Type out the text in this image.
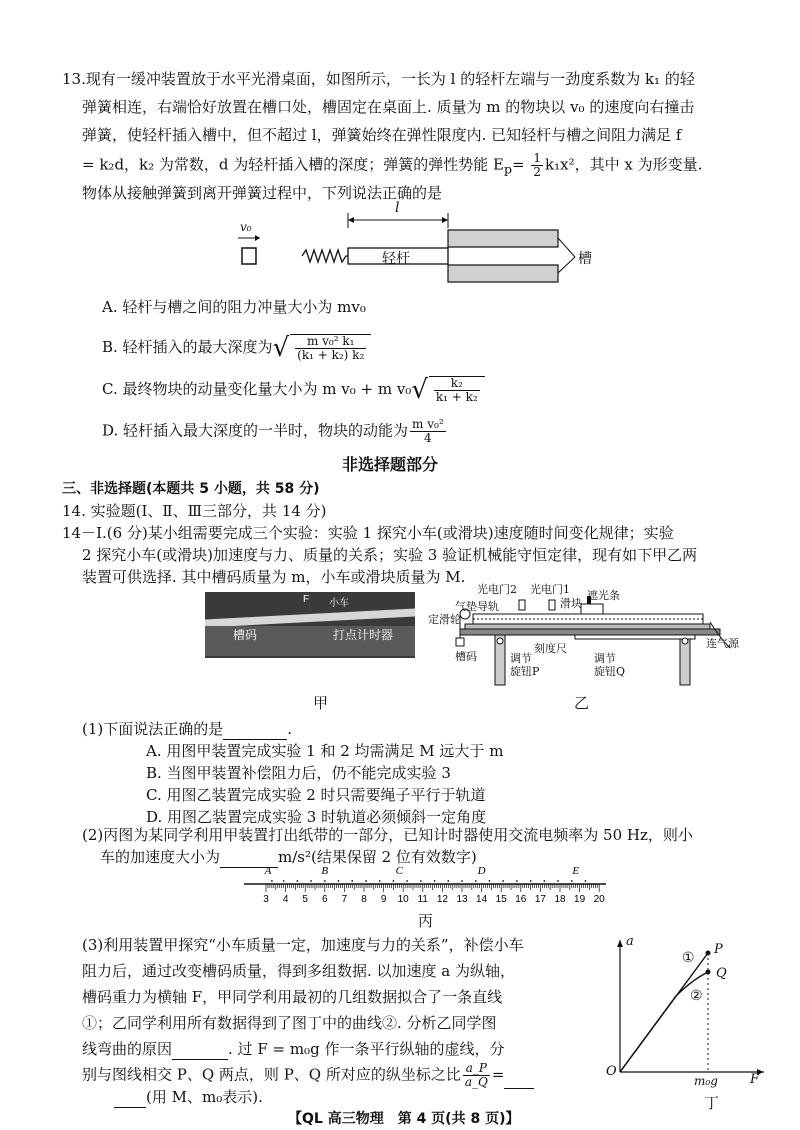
13.现有一缓冲装置放于水平光滑桌面，如图所示，一长为 l 的轻杆左端与一劲度系数为 k₁ 的轻
弹簧相连，右端恰好放置在槽口处，槽固定在桌面上. 质量为 m 的物块以 v₀ 的速度向右撞击
弹簧，使轻杆插入槽中，但不超过 l，弹簧始终在弹性限度内. 已知轻杆与槽之间阻力满足 f
= k₂d，k₂ 为常数，d 为轻杆插入槽的深度；弹簧的弹性势能 $E_p= \frac{1}{2} k_1x^2$，其中 x 为形变量.
物体从接触弹簧到离开弹簧过程中，下列说法正确的是
v₀
l
轻杆	槽
A. 轻杆与槽之间的阻力冲量大小为 mv₀
B. 轻杆插入的最大深度为√ $\frac{\text{m v₀² k₁}}{\text{(k₁ + k₂) k₂}}$
C. 最终物块的动量变化量大小为 m v₀ + m $v_0√ \frac{\text{k₂}}{\text{k₁ + k₂}}$
D. 轻杆插入最大深度的一半时，物块的动能为 $\frac{\text{m v₀²}}{4}$
非选择题部分
三、非选择题(本题共 5 小题，共 58 分)
14. 实验题(Ⅰ、Ⅱ、Ⅲ三部分，共 14 分)
14－Ⅰ.(6 分)某小组需要完成三个实验：实验 1 探究小车(或滑块)速度随时间变化规律；实验
2 探究小车(或滑块)加速度与力、质量的关系；实验 3 验证机械能守恒定律，现有如下甲乙两
装置可供选择. 其中槽码质量为 m，小车或滑块质量为 M.
槽码	打点计时器
F 小车
甲
光电门2 光电门1
气垫导轨
定滑轮
滑块
遮光条
槽码
刻度尺
调节
旋钮P
调节
旋钮Q
连气源
乙
(1)下面说法正确的是	.
A. 用图甲装置完成实验 1 和 2 均需满足 M 远大于 m
B. 当图甲装置补偿阻力后，仍不能完成实验 3
C. 用图乙装置完成实验 2 时只需要绳子平行于轨道
D. 用图乙装置完成实验 3 时轨道必须倾斜一定角度
(2)丙图为某同学利用甲装置打出纸带的一部分，已知计时器使用交流电频率为 50 Hz，则小
车的加速度大小为	m/s²(结果保留 2 位有效数字)
3 4 5 6 7 8 9 10 11 12 13 14 15 16 17 18 19 20
A	B	C	D	E
丙
(3)利用装置甲探究“小车质量一定，加速度与力的关系”，补偿小车
阻力后，通过改变槽码质量，得到多组数据. 以加速度 a 为纵轴，
槽码重力为横轴 F，甲同学利用最初的几组数据拟合了一条直线
①；乙同学利用所有数据得到了图丁中的曲线②. 分析乙同学图
线弯曲的原因	. 过 F = m₀g 作一条平行纵轴的虚线，分
别与图线相交 P、Q 两点，则 P、Q 所对应的纵坐标之比 $\frac{a\_P}{a\_Q}$ =
(用 M、m₀表示).
a
F
O
P
Q
①
②
m₀g
丁
【QL 高三物理　第 4 页(共 8 页)】
